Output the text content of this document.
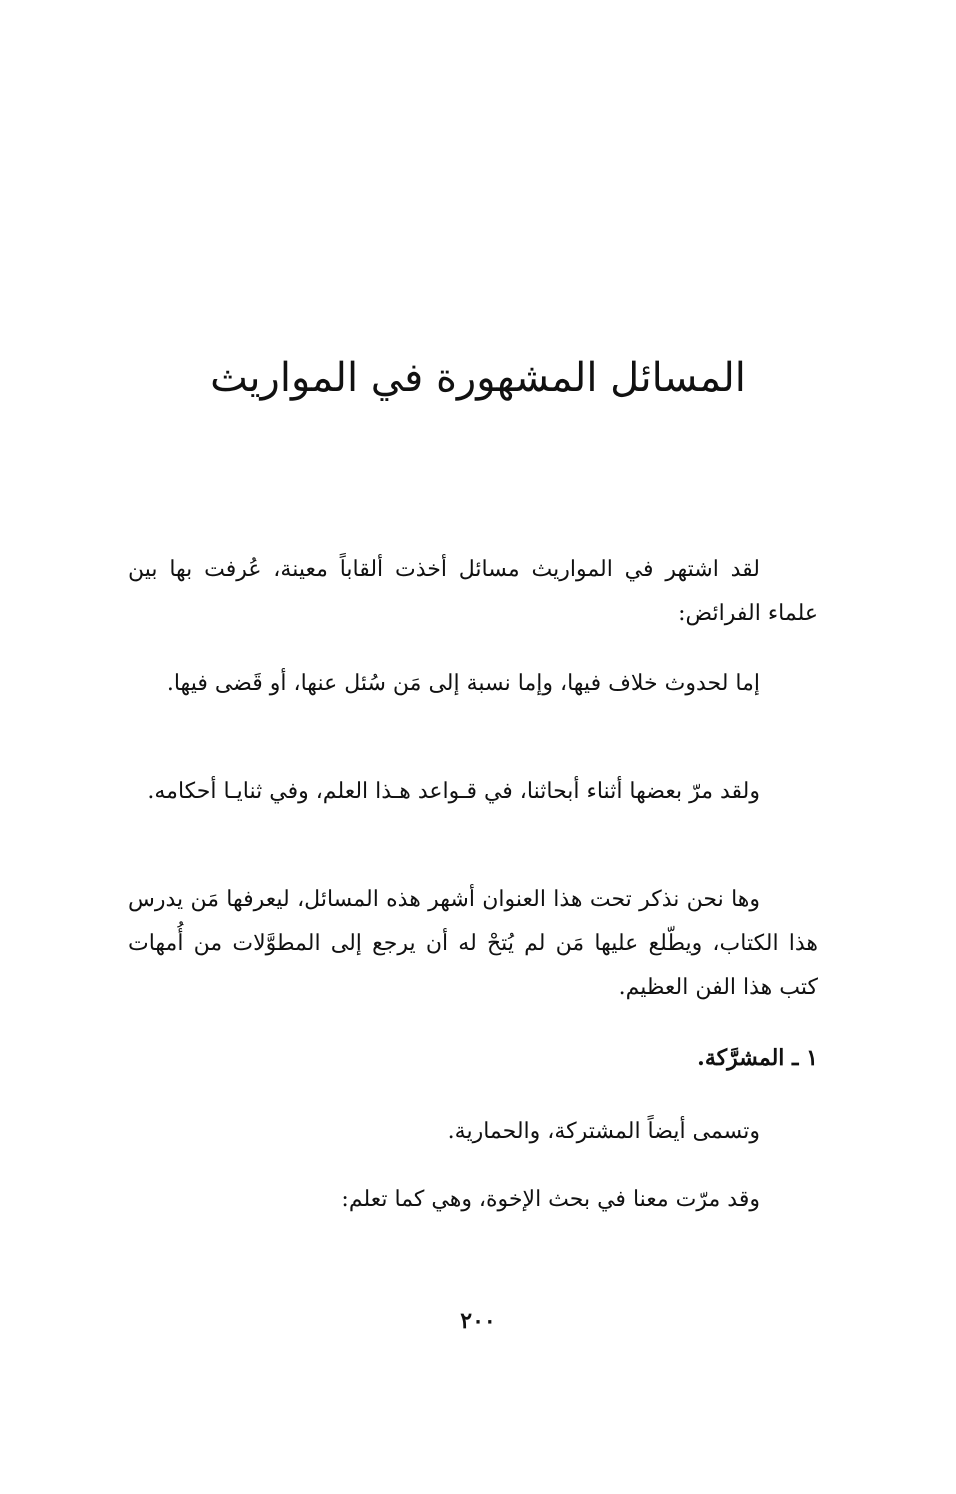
المسائل المشهورة في المواريث

لقد اشتهر في المواريث مسائل أخذت ألقاباً معينة، عُرفت بها بين علماء الفرائض:

إما لحدوث خلاف فيها، وإما نسبة إلى مَن سُئل عنها، أو قَضى فيها.

ولقد مرّ بعضها أثناء أبحاثنا، في قـواعد هـذا العلم، وفي ثنايـا أحكامه.

وها نحن نذكر تحت هذا العنوان أشهر هذه المسائل، ليعرفها مَن يدرس هذا الكتاب، ويطّلع عليها مَن لم يُتحْ له أن يرجع إلى المطوَّلات من أُمهات كتب هذا الفن العظيم.

١ ـ المشرَّكة.

وتسمى أيضاً المشتركة، والحمارية.

وقد مرّت معنا في بحث الإخوة، وهي كما تعلم:

٢٠٠
